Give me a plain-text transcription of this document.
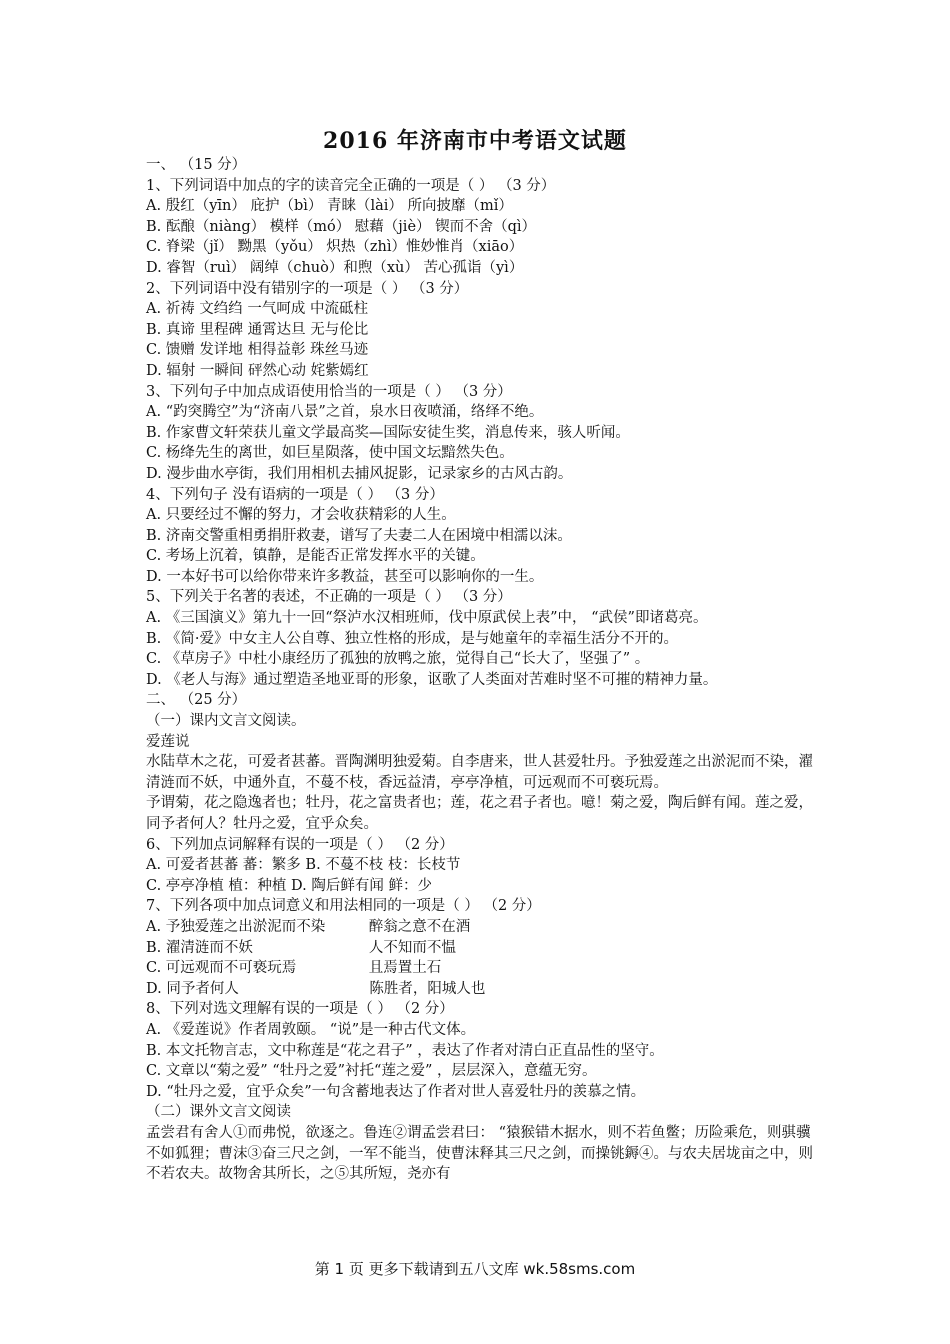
2016 年济南市中考语文试题
一、 （15 分）
1、下列词语中加点的字的读音完全正确的一项是（ ） （3 分）
A. 殷红（yīn） 庇护（bì） 青睐（lài） 所向披靡（mǐ）
B. 酝酿（niàng） 模样（mó） 慰藉（jiè） 锲而不舍（qì）
C. 脊梁（jǐ） 黝黑（yǒu） 炽热（zhì）惟妙惟肖（xiāo）
D. 睿智（ruì） 阔绰（chuò）和煦（xù） 苦心孤诣（yì）
2、下列词语中没有错别字的一项是（ ） （3 分）
A. 祈祷 文绉绉 一气呵成 中流砥柱
B. 真谛 里程碑 通霄达旦 无与伦比
C. 馈赠 发详地 相得益彰 珠丝马迹
D. 辐射 一瞬间 砰然心动 姹紫嫣红
3、下列句子中加点成语使用恰当的一项是（ ） （3 分）
A. “趵突腾空”为“济南八景”之首，泉水日夜喷涌，络绎不绝。
B. 作家曹文轩荣获儿童文学最高奖—国际安徒生奖，消息传来，骇人听闻。
C. 杨绛先生的离世，如巨星陨落，使中国文坛黯然失色。
D. 漫步曲水亭街，我们用相机去捕风捉影，记录家乡的古风古韵。
4、下列句子 没有语病的一项是（ ） （3 分）
A. 只要经过不懈的努力，才会收获精彩的人生。
B. 济南交警重相勇捐肝救妻，谱写了夫妻二人在困境中相濡以沫。
C. 考场上沉着，镇静，是能否正常发挥水平的关键。
D. 一本好书可以给你带来许多教益，甚至可以影响你的一生。
5、下列关于名著的表述，不正确的一项是（ ） （3 分）
A. 《三国演义》第九十一回“祭泸水汉相班师，伐中原武侯上表”中， “武侯”即诸葛亮。
B. 《简·爱》中女主人公自尊、独立性格的形成，是与她童年的幸福生活分不开的。
C. 《草房子》中杜小康经历了孤独的放鸭之旅，觉得自己“长大了，坚强了” 。
D. 《老人与海》通过塑造圣地亚哥的形象，讴歌了人类面对苦难时坚不可摧的精神力量。
二、 （25 分）
（一）课内文言文阅读。
爱莲说
水陆草木之花，可爱者甚蕃。晋陶渊明独爱菊。自李唐来，世人甚爱牡丹。予独爱莲之出淤泥而不染，濯清涟而不妖，中通外直，不蔓不枝，香远益清，亭亭净植，可远观而不可亵玩焉。
予谓菊，花之隐逸者也；牡丹，花之富贵者也；莲，花之君子者也。噫！菊之爱，陶后鲜有闻。莲之爱，同予者何人？牡丹之爱，宜乎众矣。
6、下列加点词解释有误的一项是（ ） （2 分）
A. 可爱者甚蕃 蕃：繁多 B. 不蔓不枝 枝：长枝节
C. 亭亭净植 植：种植 D. 陶后鲜有闻 鲜：少
7、下列各项中加点词意义和用法相同的一项是（ ） （2 分）
A. 予独爱莲之出淤泥而不染　　　醉翁之意不在酒
B. 濯清涟而不妖　　　　　　　　人不知而不愠
C. 可远观而不可亵玩焉　　　　　且焉置土石
D. 同予者何人　　　　　　　　　陈胜者，阳城人也
8、下列对选文理解有误的一项是（ ） （2 分）
A. 《爱莲说》作者周敦颐。 “说”是一种古代文体。
B. 本文托物言志，文中称莲是“花之君子” ，表达了作者对清白正直品性的坚守。
C. 文章以“菊之爱” “牡丹之爱”衬托“莲之爱” ，层层深入，意蕴无穷。
D. “牡丹之爱，宜乎众矣”一句含蓄地表达了作者对世人喜爱牡丹的羡慕之情。
（二）课外文言文阅读
孟尝君有舍人①而弗悦，欲逐之。鲁连②谓孟尝君曰： “猿猴错木据水，则不若鱼鳖；历险乘危，则骐骥不如狐狸；曹沫③奋三尺之剑，一军不能当，使曹沫释其三尺之剑，而操铫鎒④。与农夫居垅亩之中，则不若农夫。故物舍其所长，之⑤其所短，尧亦有
第 1 页 更多下载请到五八文库 wk.58sms.com
